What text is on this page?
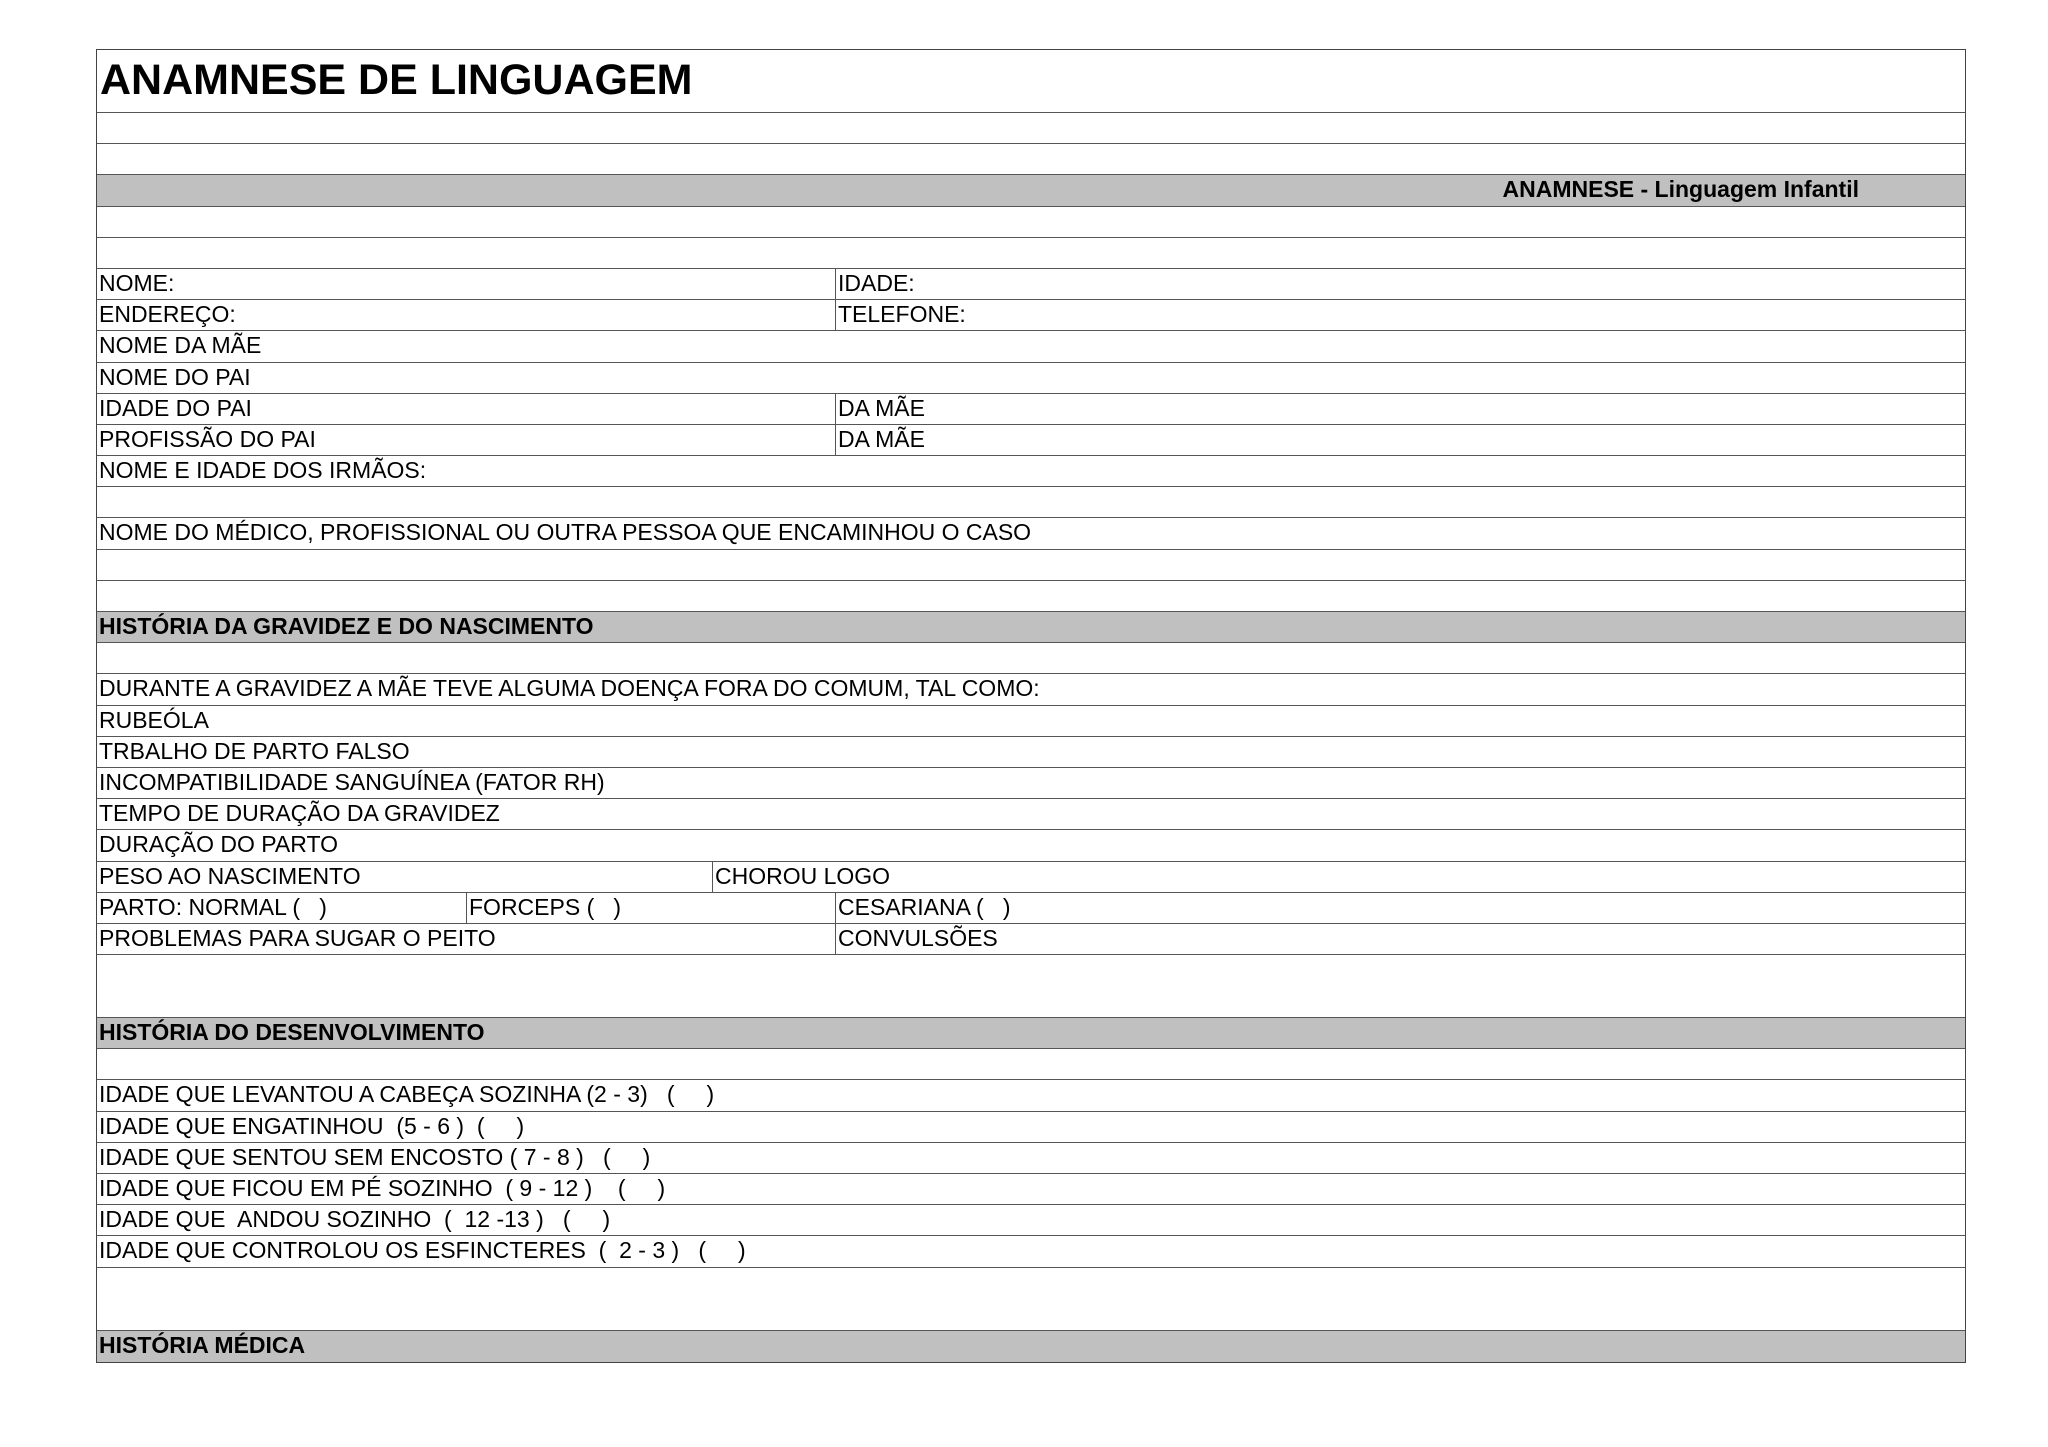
ANAMNESE DE LINGUAGEM
ANAMNESE - Linguagem Infantil
NOME:	IDADE:
ENDEREÇO:	TELEFONE:
NOME DA MÃE
NOME DO PAI
IDADE DO PAI	DA MÃE
PROFISSÃO DO PAI	DA MÃE
NOME E IDADE DOS IRMÃOS:
NOME DO MÉDICO, PROFISSIONAL OU OUTRA PESSOA QUE ENCAMINHOU O CASO
HISTÓRIA DA GRAVIDEZ E DO NASCIMENTO
DURANTE A GRAVIDEZ A MÃE TEVE ALGUMA DOENÇA FORA DO COMUM, TAL COMO:
RUBEÓLA
TRBALHO DE PARTO FALSO
INCOMPATIBILIDADE SANGUÍNEA (FATOR RH)
TEMPO DE DURAÇÃO DA GRAVIDEZ
DURAÇÃO DO PARTO
PESO AO NASCIMENTO	CHOROU LOGO
PARTO: NORMAL (   )	FORCEPS (   )	CESARIANA (   )
PROBLEMAS PARA SUGAR O PEITO	CONVULSÕES
HISTÓRIA DO DESENVOLVIMENTO
IDADE QUE LEVANTOU A CABEÇA SOZINHA (2 - 3)   (     )
IDADE QUE ENGATINHOU  (5 - 6 )  (     )
IDADE QUE SENTOU SEM ENCOSTO ( 7 - 8 )   (     )
IDADE QUE FICOU EM PÉ SOZINHO  ( 9 - 12 )    (     )
IDADE QUE  ANDOU SOZINHO  (  12 -13 )   (     )
IDADE QUE CONTROLOU OS ESFINCTERES  (  2 - 3 )   (     )
HISTÓRIA MÉDICA
